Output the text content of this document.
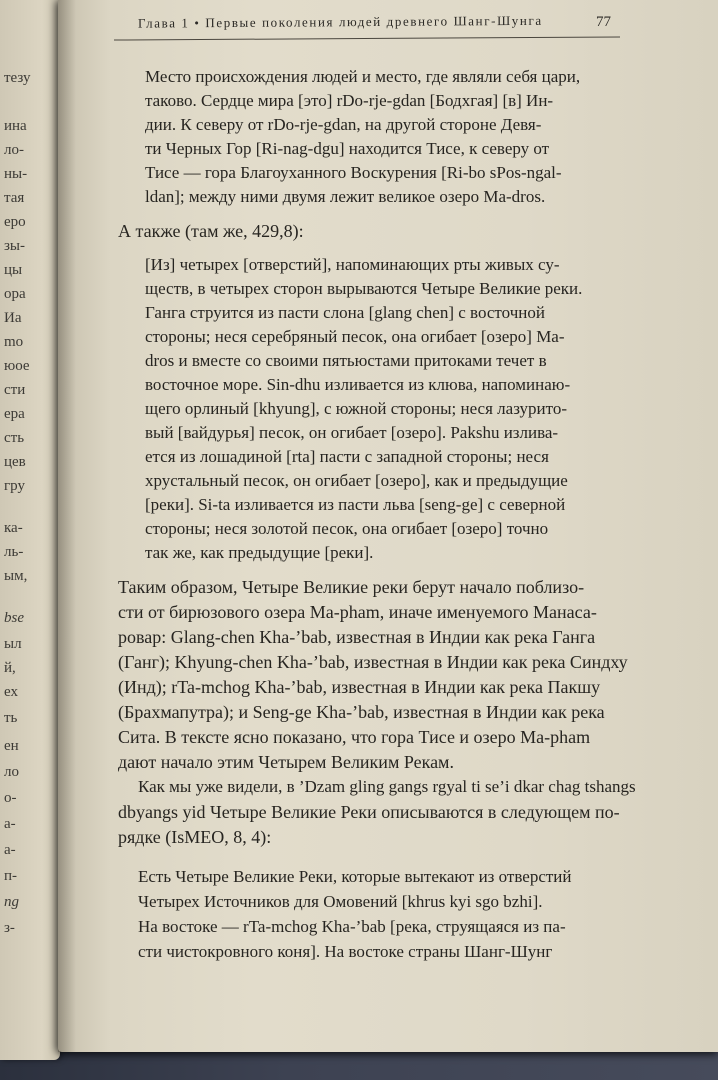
тезу
ина
ло-
ны-
тая
еро
зы-
цы
ора
Иа
mo
юое
сти
ера
сть
цев
гру
ка-
ль-
ым,
bse
ыл
й,
ех
ть
ен
ло
о-
а-
а-
п-
ng
з-
Глава 1 • Первые поколения людей древнего Шанг-Шунга	77
Место происхождения людей и место, где являли себя цари,
таково. Сердце мира [это] rDo-rje-gdan [Бодхгая] [в] Ин-
дии. К северу от rDo-rje-gdan, на другой стороне Девя-
ти Черных Гор [Ri-nag-dgu] находится Тисе, к северу от
Тисе — гора Благоуханного Воскурения [Ri-bo sPos-ngal-
ldan]; между ними двумя лежит великое озеро Ma-dros.
А также (там же, 429,8):
[Из] четырех [отверстий], напоминающих рты живых су-
ществ, в четырех сторон вырываются Четыре Великие реки.
Ганга струится из пасти слона [glang chen] с восточной
стороны; неся серебряный песок, она огибает [озеро] Ma-
dros и вместе со своими пятьюстами притоками течет в
восточное море. Sin-dhu изливается из клюва, напоминаю-
щего орлиный [khyung], с южной стороны; неся лазурито-
вый [вайдурья] песок, он огибает [озеро]. Pakshu излива-
ется из лошадиной [rta] пасти с западной стороны; неся
хрустальный песок, он огибает [озеро], как и предыдущие
[реки]. Si-ta изливается из пасти льва [seng-ge] с северной
стороны; неся золотой песок, она огибает [озеро] точно
так же, как предыдущие [реки].
Таким образом, Четыре Великие реки берут начало поблизо-
сти от бирюзового озера Ma-pham, иначе именуемого Манаса-
ровар: Glang-chen Kha-’bab, известная в Индии как река Ганга
(Ганг); Khyung-chen Kha-’bab, известная в Индии как река Синдху
(Инд); rTa-mchog Kha-’bab, известная в Индии как река Пакшу
(Брахмапутра); и Seng-ge Kha-’bab, известная в Индии как река
Сита. В тексте ясно показано, что гора Тисе и озеро Ma-pham
дают начало этим Четырем Великим Рекам.
Как мы уже видели, в ’Dzam gling gangs rgyal ti se’i dkar chag tshangs
dbyangs yid Четыре Великие Реки описываются в следующем по-
рядке (IsMEO, 8, 4):
Есть Четыре Великие Реки, которые вытекают из отверстий
Четырех Источников для Омовений [khrus kyi sgo bzhi].
На востоке — rTa-mchog Kha-’bab [река, струящаяся из па-
сти чистокровного коня]. На востоке страны Шанг-Шунг
